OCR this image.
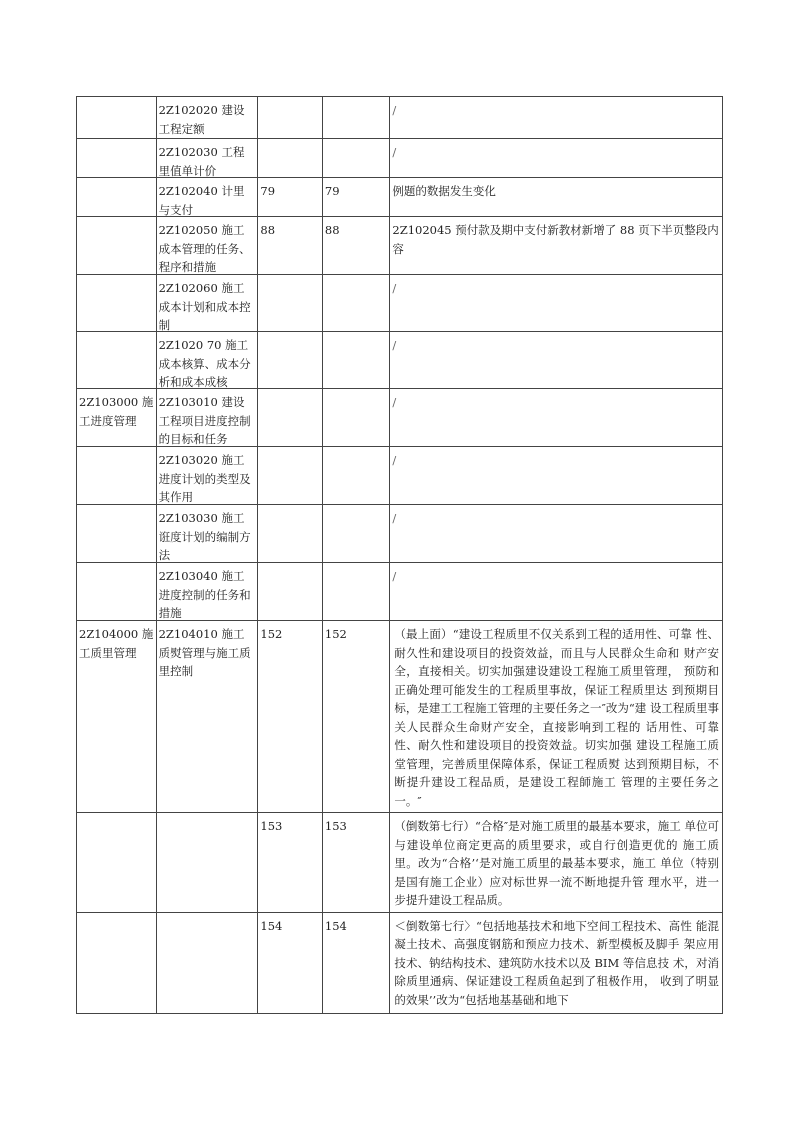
	2Z102020 建设工程定额			/

	2Z102030 工程里值单计价			/

	2Z102040 计里与支付	79	79	例题的数据发生变化

	2Z102050 施工成本管理的任务、程序和措施	88	88	2Z102045 预付款及期中支付新教材新增了 88 页下半页整段内容

	2Z102060 施工成本计划和成本控制			/

	2Z1020 70 施工成本核算、成本分析和成本成核			/
2Z103000 施工进度管理	2Z103010 建设工程项目进度控制的目标和任务			/

	2Z103020 施工进度计划的类型及其作用			/

	2Z103030 施工诳度计划的编制方法			/

	2Z103040 施工进度控制的任务和措施			/
2Z104000 施工质里管理	2Z104010 施工质熨管理与施工质里控制	152	152	（最上面）“建设工程质里不仅关系到工程的适用性、可靠 性、耐久性和建设项目的投资效益，而且与人民群众生命和 财产安全，直接相关。切实加强建设建设工程施工质里管理， 预防和正确处理可能发生的工程质里事故，保证工程质里达 到预期目标，是建工工程施工管理的主要任务之一″改为“建 设工程质里事关人民群众生命财产安全，直接影响到工程的 话用性、可靠性、耐久性和建设项目的投资效益。切实加强 建设工程施工质堂管理，完善质里保障体系，保证工程质熨 达到预期目标，不断提升建设工程品质，是建设工程師施工 管理的主要任务之一。″
		153	153	（倒数第七行）“合格″是对施工质里的最基本要求，施工 单位可与建设单位商定更高的质里要求，或自行创造更优的 施工质里。改为“合格’‘是对施工质里的最基本要求，施工 单位（特别是国有施工企业）应对标世界一流不断地提升管 理水平，进一步提升建设工程品质。
		154	154	＜倒数第七行〉“包括地基技术和地下空间工程技术、高性 能混凝土技术、高强度钢筋和预应力技术、新型模板及脚手 架应用技术、钠结构技术、建筑防水技术以及 BIM 等信息技 术，对消除质里通病、保证建设工程质鱼起到了租极作用， 收到了明显的效果’’改为“包括地基基础和地下
